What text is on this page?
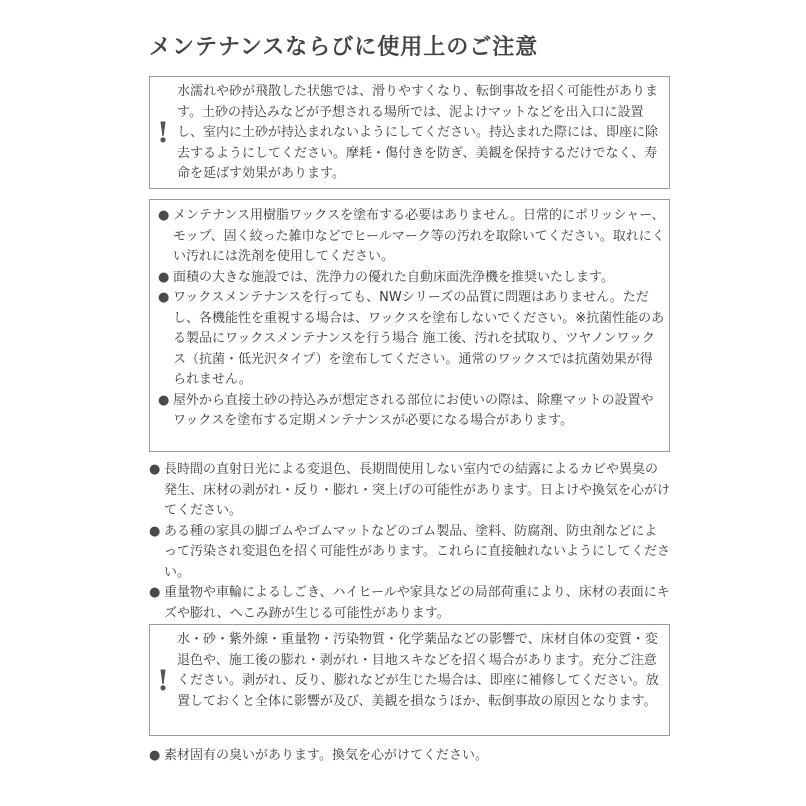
メンテナンスならびに使用上のご注意
!
水濡れや砂が飛散した状態では、滑りやすくなり、転倒事故を招く可能性があります。土砂の持込みなどが予想される場所では、泥よけマットなどを出入口に設置し、室内に土砂が持込まれないようにしてください。持込まれた際には、即座に除去するようにしてください。摩耗・傷付きを防ぎ、美観を保持するだけでなく、寿命を延ばす効果があります。
● メンテナンス用樹脂ワックスを塗布する必要はありません。日常的にポリッシャー、モップ、固く絞った雑巾などでヒールマーク等の汚れを取除いてください。取れにくい汚れには洗剤を使用してください。
● 面積の大きな施設では、洗浄力の優れた自動床面洗浄機を推奨いたします。
● ワックスメンテナンスを行っても、NWシリーズの品質に問題はありません。ただし、各機能性を重視する場合は、ワックスを塗布しないでください。※抗菌性能のある製品にワックスメンテナンスを行う場合 施工後、汚れを拭取り、ツヤノンワックス（抗菌・低光沢タイプ）を塗布してください。通常のワックスでは抗菌効果が得られません。
● 屋外から直接土砂の持込みが想定される部位にお使いの際は、除塵マットの設置やワックスを塗布する定期メンテナンスが必要になる場合があります。
● 長時間の直射日光による変退色、長期間使用しない室内での結露によるカビや異臭の発生、床材の剥がれ・反り・膨れ・突上げの可能性があります。日よけや換気を心がけてください。
● ある種の家具の脚ゴムやゴムマットなどのゴム製品、塗料、防腐剤、防虫剤などによって汚染され変退色を招く可能性があります。これらに直接触れないようにしてください。
● 重量物や車輪によるしごき、ハイヒールや家具などの局部荷重により、床材の表面にキズや膨れ、へこみ跡が生じる可能性があります。
!
水・砂・紫外線・重量物・汚染物質・化学薬品などの影響で、床材自体の変質・変退色や、施工後の膨れ・剥がれ・目地スキなどを招く場合があります。充分ご注意ください。剥がれ、反り、膨れなどが生じた場合は、即座に補修してください。放置しておくと全体に影響が及び、美観を損なうほか、転倒事故の原因となります。
● 素材固有の臭いがあります。換気を心がけてください。
